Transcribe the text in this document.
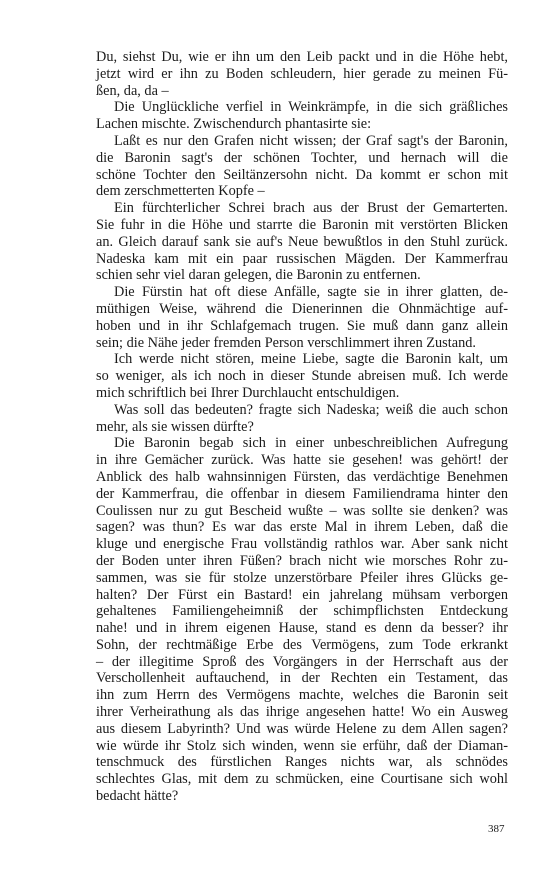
Du, siehst Du, wie er ihn um den Leib packt und in die Höhe hebt,
jetzt wird er ihn zu Boden schleudern, hier gerade zu meinen Fü-
ßen, da, da –
Die Unglückliche verfiel in Weinkrämpfe, in die sich gräßliches
Lachen mischte. Zwischendurch phantasirte sie:
Laßt es nur den Grafen nicht wissen; der Graf sagt's der Baronin,
die Baronin sagt's der schönen Tochter, und hernach will die
schöne Tochter den Seiltänzersohn nicht. Da kommt er schon mit
dem zerschmetterten Kopfe –
Ein fürchterlicher Schrei brach aus der Brust der Gemarterten.
Sie fuhr in die Höhe und starrte die Baronin mit verstörten Blicken
an. Gleich darauf sank sie auf's Neue bewußtlos in den Stuhl zurück.
Nadeska kam mit ein paar russischen Mägden. Der Kammerfrau
schien sehr viel daran gelegen, die Baronin zu entfernen.
Die Fürstin hat oft diese Anfälle, sagte sie in ihrer glatten, de-
müthigen Weise, während die Dienerinnen die Ohnmächtige auf-
hoben und in ihr Schlafgemach trugen. Sie muß dann ganz allein
sein; die Nähe jeder fremden Person verschlimmert ihren Zustand.
Ich werde nicht stören, meine Liebe, sagte die Baronin kalt, um
so weniger, als ich noch in dieser Stunde abreisen muß. Ich werde
mich schriftlich bei Ihrer Durchlaucht entschuldigen.
Was soll das bedeuten? fragte sich Nadeska; weiß die auch schon
mehr, als sie wissen dürfte?
Die Baronin begab sich in einer unbeschreiblichen Aufregung
in ihre Gemächer zurück. Was hatte sie gesehen! was gehört! der
Anblick des halb wahnsinnigen Fürsten, das verdächtige Benehmen
der Kammerfrau, die offenbar in diesem Familiendrama hinter den
Coulissen nur zu gut Bescheid wußte – was sollte sie denken? was
sagen? was thun? Es war das erste Mal in ihrem Leben, daß die
kluge und energische Frau vollständig rathlos war. Aber sank nicht
der Boden unter ihren Füßen? brach nicht wie morsches Rohr zu-
sammen, was sie für stolze unzerstörbare Pfeiler ihres Glücks ge-
halten? Der Fürst ein Bastard! ein jahrelang mühsam verborgen
gehaltenes Familiengeheimniß der schimpflichsten Entdeckung
nahe! und in ihrem eigenen Hause, stand es denn da besser? ihr
Sohn, der rechtmäßige Erbe des Vermögens, zum Tode erkrankt
– der illegitime Sproß des Vorgängers in der Herrschaft aus der
Verschollenheit auftauchend, in der Rechten ein Testament, das
ihn zum Herrn des Vermögens machte, welches die Baronin seit
ihrer Verheirathung als das ihrige angesehen hatte! Wo ein Ausweg
aus diesem Labyrinth? Und was würde Helene zu dem Allen sagen?
wie würde ihr Stolz sich winden, wenn sie erführ, daß der Diaman-
tenschmuck des fürstlichen Ranges nichts war, als schnödes
schlechtes Glas, mit dem zu schmücken, eine Courtisane sich wohl
bedacht hätte?
387
